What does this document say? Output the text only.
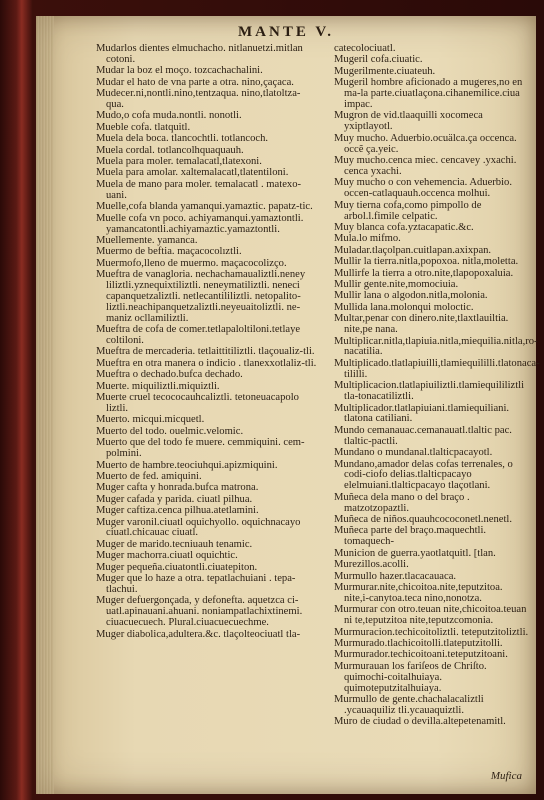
MANTE V.
Mudarlos dientes elmuchacho. nitlanuetzi.mitlan cotoni.
Mudar la boz el moço. tozcachachalini.
Mudar el hato de vna parte a otra. nino,çaçaca.
Mudecer.ni,nontli.nino,tentzaqua. nino,tlatoltza-qua.
Mudo,o cofa muda.nontli. nonotli.
Mueble cofa. tlatquitl.
Muela dela boca. tlancochtli. totlancoch.
Muela cordal. totlancolhquaquauh.
Muela para moler. temalacatl,tlatexoni.
Muela para amolar. xaltemalacatl,tlatentiloni.
Muela de mano para moler. temalacatl . matexo-uani.
Muelle,cofa blanda yamanqui.yamaztic. papatz-tic.
Muelle cofa vn poco. achiyamanqui.yamaztontli. yamancatontli.achiyamaztic.yamaztontli.
Muellemente. yamanca.
Muermo de beftia. maçacocolıztli.
Muermofo,lleno de muermo. maçacocolizço.
Mueftra de vanagloria. nechachamaualiztli.neney liliztli.yznequixtiliztli. neneymatiliztli. neneci capanquetzaliztli. netlecantililiztli. netopalito-liztli.neachipanquetzaliztli.neyeuaitoliztli. ne-maniz ocllamiliztli.
Mueftra de cofa de comer.tetlapaloltiloni.tetlaye coltiloni.
Mueftra de mercaderia. tetlaittitiliztli. tlaçoualiz-tli.
Mueftra en otra manera o indicio . tlanexxotlaliz-tli.
Mueftra o dechado.bufca dechado.
Muerte. miquiliztli.miquiztli.
Muerte cruel tecococauhcaliztli. tetoneuacapolo liztli.
Muerto. micqui.micquetl.
Muerto del todo. ouelmic.velomic.
Muerto que del todo fe muere. cemmiquini. cem-polmini.
Muerto de hambre.teociuhqui.apizmiquini.
Muerto de fed. amiquini.
Muger cafta y honrada.bufca matrona.
Muger cafada y parida. ciuatl pilhua.
Muger caftiza.cenca pilhua.atetlamini.
Muger varonil.ciuatl oquichyollo. oquichnacayo ciuatl.chicauac ciuatl.
Muger de marido.tecniuauh tenamic.
Muger machorra.ciuatl oquichtic.
Muger pequeña.ciuatontli.ciuatepiton.
Muger que lo haze a otra. tepatlachuiani . tepa-tlachui.
Muger defuergonçada, y defonefta. aquetzca ci-uatl.apinauani.ahuani. noniampatlachixtinemi. ciuacuecuech. Plural.ciuacuecuechme.
Muger diabolica,adultera.&c. tlaçolteociuatl tla-
catecolociuatl.
Mugeril cofa.ciuatic.
Mugerilmente.ciuateuh.
Mugeril hombre aficionado a mugeres,no en ma-la parte.ciuatlaçona.cihanemilice.ciua impac.
Mugron de vid.tlaaquilli xocomeca yxiptlayotl.
Muy mucho. Aduerbio.ocuälca.ça occenca. occẽ ça.yeic.
Muy mucho.cenca miec. cencavey .yxachi. cenca yxachi.
Muy mucho o con vehemencia. Aduerbio. occen-catlaquauh.occenca molhui.
Muy tierna cofa,como pimpollo de arbol.l.fimile celpatic.
Muy blanca cofa.yztacapatic.&c.
Mula.lo mifmo.
Muladar.tlaçolpan.cuitlapan.axixpan.
Mullir la tierra.nitla,popoxoa. nitla,moletta.
Mullirfe la tierra a otro.nite,tlapopoxaluia.
Mullir gente.nite,momociuia.
Mullir lana o algodon.nitla,molonia.
Mullida lana.molonqui moloctic.
Multar,penar con dinero.nite,tlaxtlauiltia. nite,pe nana.
Multiplicar.nitla,tlapiuia.nitla,miequilia.nitla,ro-nacatilia.
Multiplicado.tlatlapiuilli,tlamiequililli.tlatonaca-tililli.
Multiplicacion.tlatlapiuiliztli.tlamiequililiztli tla-tonacatiliztli.
Multiplicador.tlatlapiuiani.tlamiequiliani. tlatona catiliani.
Mundo cemanauac.cemanauatl.tlaltic pac. tlaltic-pactli.
Mundano o mundanal.tlalticpacayotl.
Mundano,amador delas cofas terrenales, o codi-ciofo delias.tlalticpacayo elelmuiani.tlalticpacayo tlaçotlani.
Muñeca dela mano o del braço . matzotzopaztli.
Muñeca de niños.quauhcococonetl.nenetl.
Muñeca parte del braço.maquechtli. tomaquech-
Municion de guerra.yaotlatquitl. [tlan.
Murezillos.acolli.
Murmullo hazer.tlacacauaca.
Murmurar.nite,chicoitoa.nite,teputzitoa. nite,i-canytoa.teca nino,nonotza.
Murmurar con otro.teuan nite,chicoitoa.teuan ni te,teputzitoa nite,teputzcomonia.
Murmuracion.techicoitoliztli. teteputzitoliztli.
Murmurado.tlachicoitolli.tlateputzitolli.
Murmurador.techicoitoani.teteputzitoani.
Murmurauan los fariſeos de Chriſto. quimochi-coitalhuiaya. quimoteputzitalhuiaya.
Murmullo de gente.chachalacaliztli .ycauaquiliz tli.ycauaquiztli.
Muro de ciudad o devilla.altepetenamitl.
Mufica
